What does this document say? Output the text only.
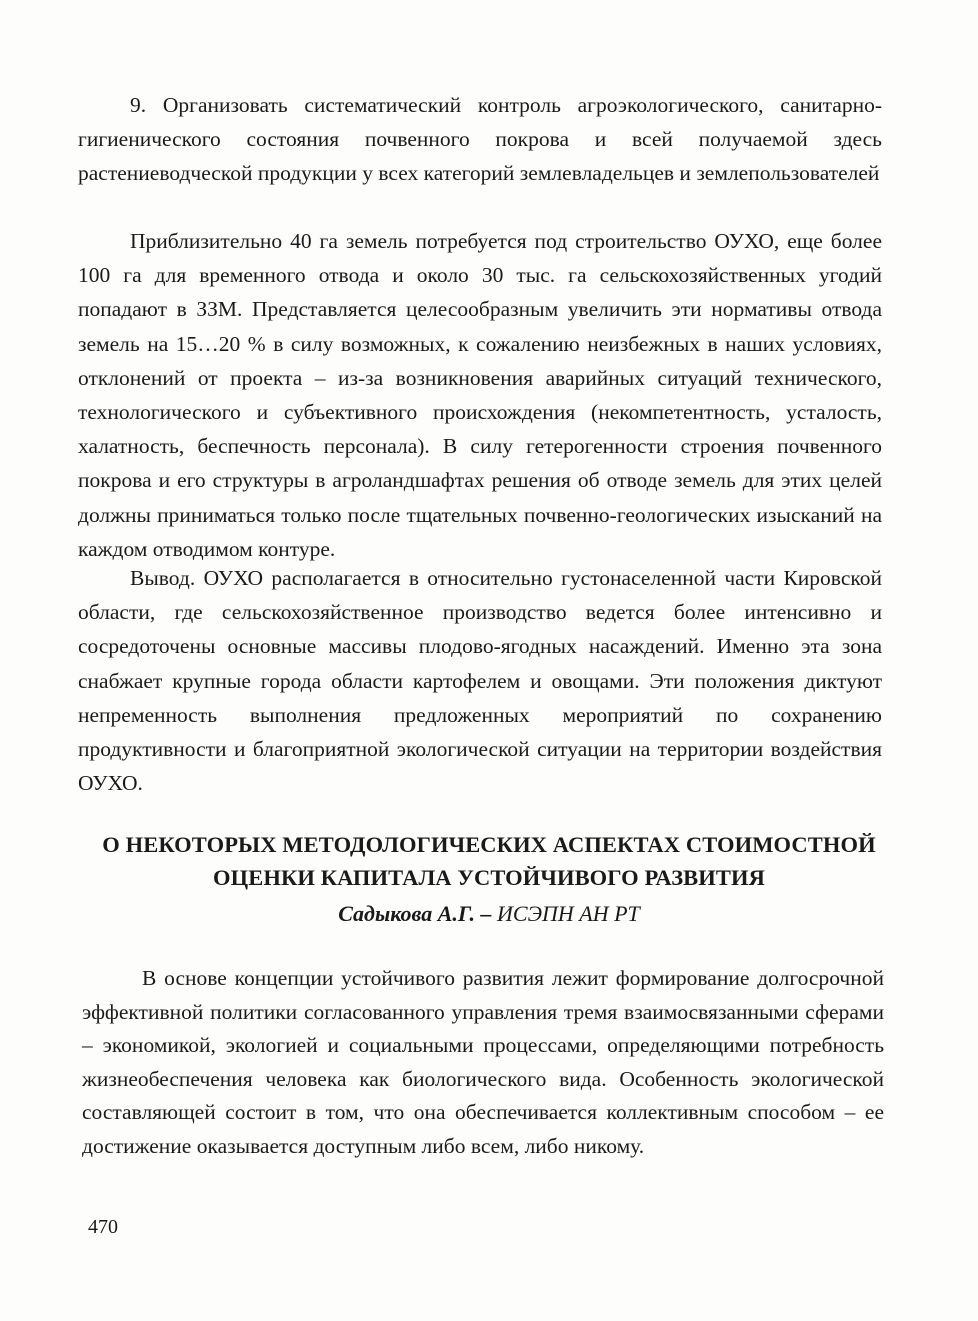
9. Организовать систематический контроль агроэкологического, санитарно-гигиенического состояния почвенного покрова и всей получаемой здесь растениеводческой продукции у всех категорий землевладельцев и землепользователей

Приблизительно 40 га земель потребуется под строительство ОУХО, еще более 100 га для временного отвода и около 30 тыс. га сельскохозяйственных угодий попадают в ЗЗМ. Представляется целесообразным увеличить эти нормативы отвода земель на 15…20 % в силу возможных, к сожалению неизбежных в наших условиях, отклонений от проекта – из-за возникновения аварийных ситуаций технического, технологического и субъективного происхождения (некомпетентность, усталость, халатность, беспечность персонала). В силу гетерогенности строения почвенного покрова и его структуры в агроландшафтах решения об отводе земель для этих целей должны приниматься только после тщательных почвенно-геологических изысканий на каждом отводимом контуре.

Вывод. ОУХО располагается в относительно густонаселенной части Кировской области, где сельскохозяйственное производство ведется более интенсивно и сосредоточены основные массивы плодово-ягодных насаждений. Именно эта зона снабжает крупные города области картофелем и овощами. Эти положения диктуют непременность выполнения предложенных мероприятий по сохранению продуктивности и благоприятной экологической ситуации на территории воздействия ОУХО.

О НЕКОТОРЫХ МЕТОДОЛОГИЧЕСКИХ АСПЕКТАХ СТОИМОСТНОЙ
ОЦЕНКИ КАПИТАЛА УСТОЙЧИВОГО РАЗВИТИЯ

Садыкова А.Г. – ИСЭПН АН РТ

В основе концепции устойчивого развития лежит формирование долгосрочной эффективной политики согласованного управления тремя взаимосвязанными сферами – экономикой, экологией и социальными процессами, определяющими потребность жизнеобеспечения человека как биологического вида. Особенность экологической составляющей состоит в том, что она обеспечивается коллективным способом – ее достижение оказывается доступным либо всем, либо никому.

470
